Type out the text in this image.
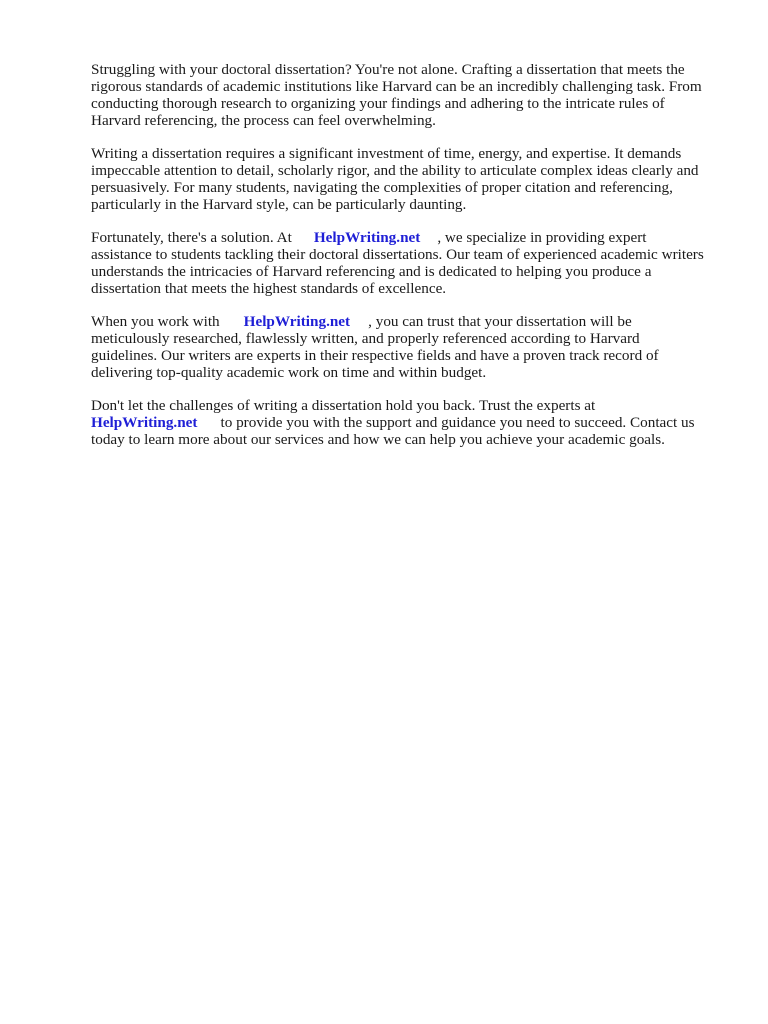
Struggling with your doctoral dissertation? You're not alone. Crafting a dissertation that meets the
rigorous standards of academic institutions like Harvard can be an incredibly challenging task. From
conducting thorough research to organizing your findings and adhering to the intricate rules of
Harvard referencing, the process can feel overwhelming.

Writing a dissertation requires a significant investment of time, energy, and expertise. It demands
impeccable attention to detail, scholarly rigor, and the ability to articulate complex ideas clearly and
persuasively. For many students, navigating the complexities of proper citation and referencing,
particularly in the Harvard style, can be particularly daunting.

Fortunately, there's a solution. At HelpWriting.net , we specialize in providing expert
assistance to students tackling their doctoral dissertations. Our team of experienced academic writers
understands the intricacies of Harvard referencing and is dedicated to helping you produce a
dissertation that meets the highest standards of excellence.

When you work with HelpWriting.net , you can trust that your dissertation will be
meticulously researched, flawlessly written, and properly referenced according to Harvard
guidelines. Our writers are experts in their respective fields and have a proven track record of
delivering top-quality academic work on time and within budget.

Don't let the challenges of writing a dissertation hold you back. Trust the experts at
HelpWriting.net to provide you with the support and guidance you need to succeed. Contact us
today to learn more about our services and how we can help you achieve your academic goals.
